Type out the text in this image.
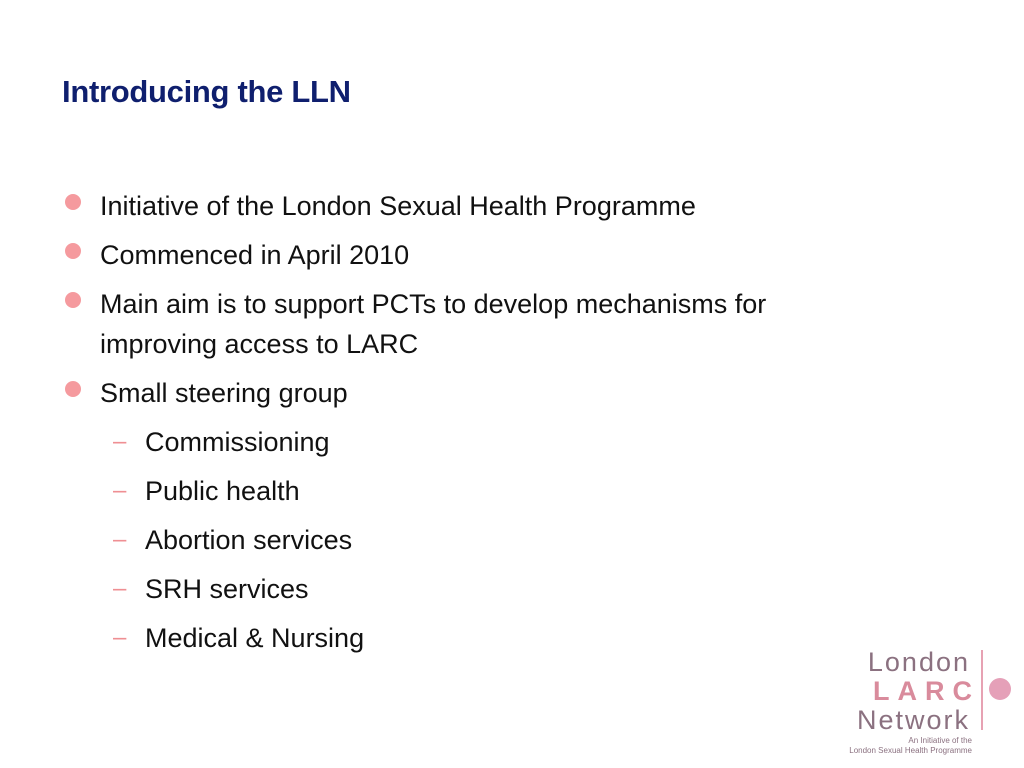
Introducing the LLN
Initiative of the London Sexual Health Programme
Commenced in April 2010
Main aim is to support PCTs to develop mechanisms for improving access to LARC
Small steering group
– Commissioning
– Public health
– Abortion services
– SRH services
– Medical & Nursing
London
LARC
Network
An Initiative of the
London Sexual Health Programme
